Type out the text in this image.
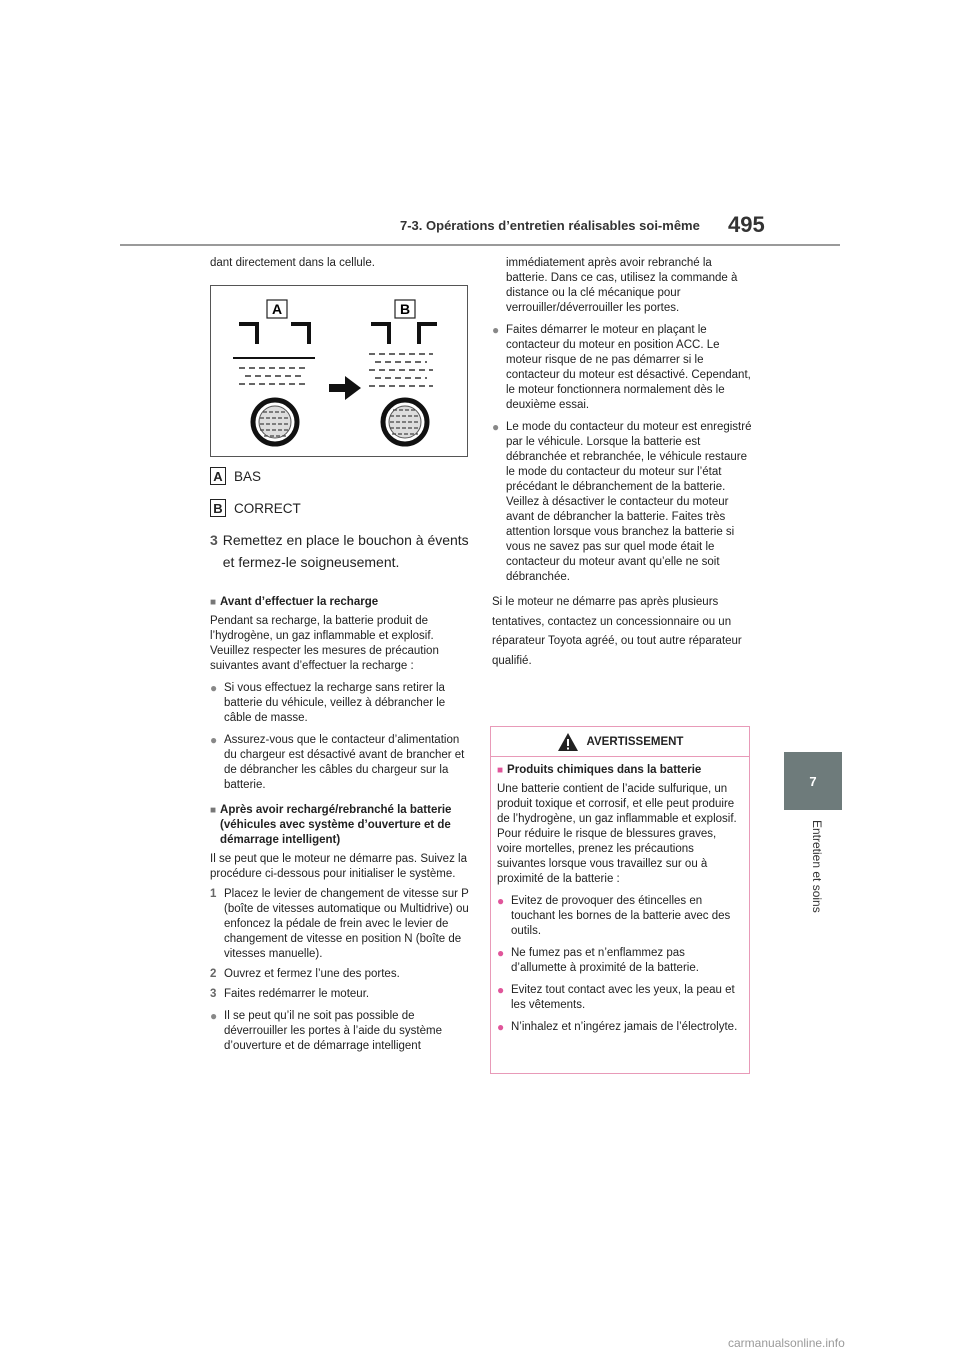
7-3. Opérations d’entretien réalisables soi-même 495
7
Entretien et soins

dant directement dans la cellule.

A	B
A BAS
B CORRECT
3 Remettez en place le bouchon à évents et fermez-le soigneusement.
■ Avant d’effectuer la recharge

Pendant sa recharge, la batterie produit de l’hydrogène, un gaz inflammable et explosif. Veuillez respecter les mesures de précaution suivantes avant d’effectuer la recharge :

● Si vous effectuez la recharge sans retirer la batterie du véhicule, veillez à débrancher le câble de masse.
● Assurez-vous que le contacteur d’alimentation du chargeur est désactivé avant de brancher et de débrancher les câbles du chargeur sur la batterie.
■ Après avoir rechargé/rebranché la batterie (véhicules avec système d’ouverture et de démarrage intelligent)

Il se peut que le moteur ne démarre pas. Suivez la procédure ci-dessous pour initialiser le système.

1 Placez le levier de changement de vitesse sur P (boîte de vitesses automatique ou Multidrive) ou enfoncez la pédale de frein avec le levier de changement de vitesse en position N (boîte de vitesses manuelle).
2 Ouvrez et fermez l’une des portes.
3 Faites redémarrer le moteur.
● Il se peut qu’il ne soit pas possible de déverrouiller les portes à l’aide du système d’ouverture et de démarrage intelligent

immédiatement après avoir rebranché la batterie. Dans ce cas, utilisez la commande à distance ou la clé mécanique pour verrouiller/déverrouiller les portes.

● Faites démarrer le moteur en plaçant le contacteur du moteur en position ACC. Le moteur risque de ne pas démarrer si le contacteur du moteur est désactivé. Cependant, le moteur fonctionnera normalement dès le deuxième essai.
● Le mode du contacteur du moteur est enregistré par le véhicule. Lorsque la batterie est débranchée et rebranchée, le véhicule restaure le mode du contacteur du moteur sur l’état précédant le débranchement de la batterie. Veillez à désactiver le contacteur du moteur avant de débrancher la batterie. Faites très attention lorsque vous branchez la batterie si vous ne savez pas sur quel mode était le contacteur du moteur avant qu’elle ne soit débranchée.

Si le moteur ne démarre pas après plusieurs tentatives, contactez un concessionnaire ou un réparateur Toyota agréé, ou tout autre réparateur qualifié.

AVERTISSEMENT
■ Produits chimiques dans la batterie

Une batterie contient de l’acide sulfurique, un produit toxique et corrosif, et elle peut produire de l’hydrogène, un gaz inflammable et explosif. Pour réduire le risque de blessures graves, voire mortelles, prenez les précautions suivantes lorsque vous travaillez sur ou à proximité de la batterie :

● Evitez de provoquer des étincelles en touchant les bornes de la batterie avec des outils.
● Ne fumez pas et n’enflammez pas d’allumette à proximité de la batterie.
● Evitez tout contact avec les yeux, la peau et les vêtements.
● N’inhalez et n’ingérez jamais de l’électrolyte.
carmanualsonline.info
